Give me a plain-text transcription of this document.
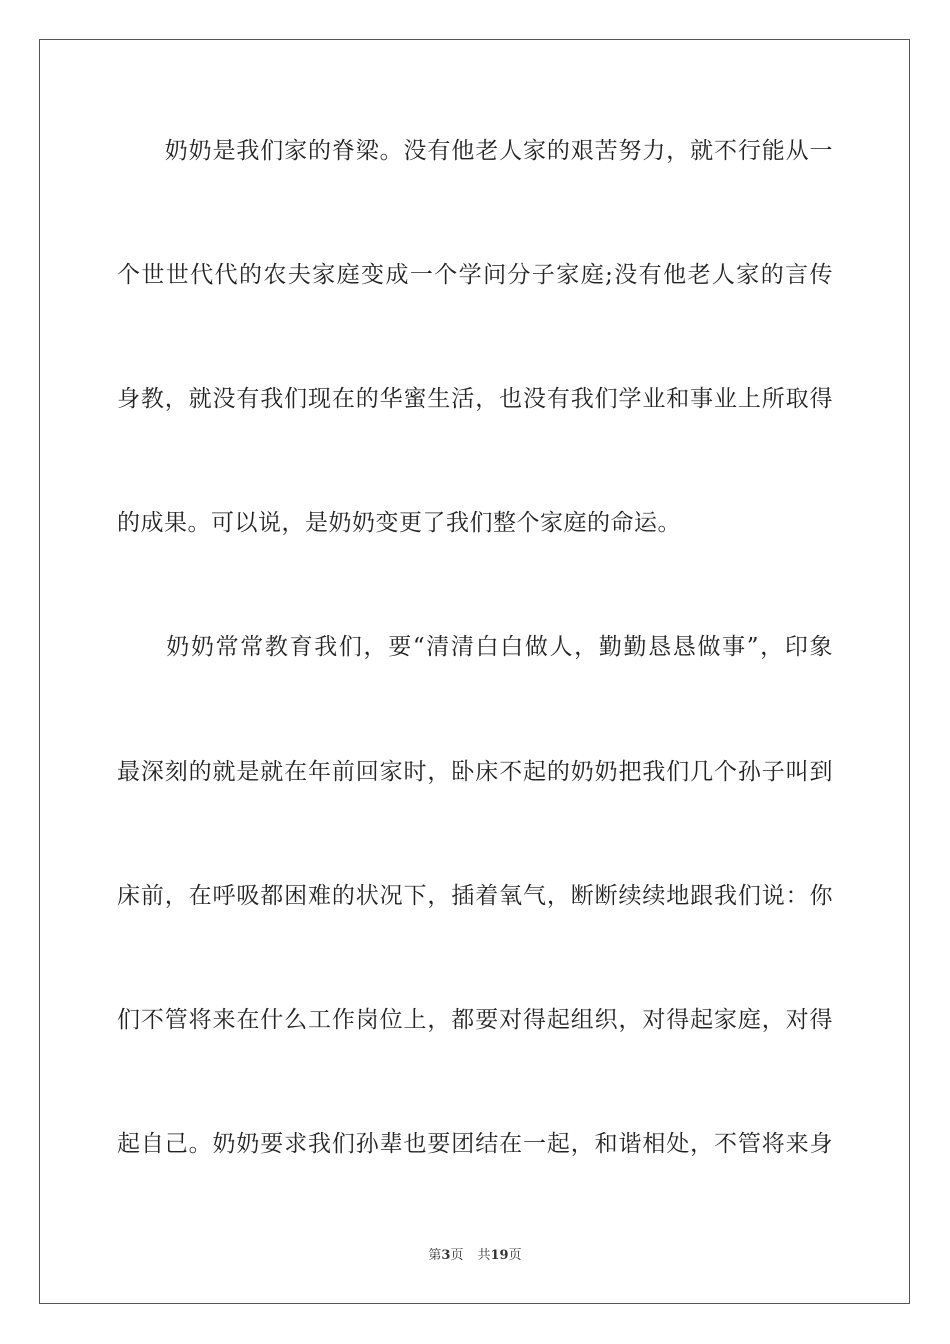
　　奶奶是我们家的脊梁。没有他老人家的艰苦努力，就不行能从一
个世世代代的农夫家庭变成一个学问分子家庭;没有他老人家的言传
身教，就没有我们现在的华蜜生活，也没有我们学业和事业上所取得
的成果。可以说，是奶奶变更了我们整个家庭的命运。
　　奶奶常常教育我们，要“清清白白做人，勤勤恳恳做事”，印象
最深刻的就是就在年前回家时，卧床不起的奶奶把我们几个孙子叫到
床前，在呼吸都困难的状况下，插着氧气，断断续续地跟我们说：你
们不管将来在什么工作岗位上，都要对得起组织，对得起家庭，对得
起自己。奶奶要求我们孙辈也要团结在一起，和谐相处，不管将来身
第3页 共19页
